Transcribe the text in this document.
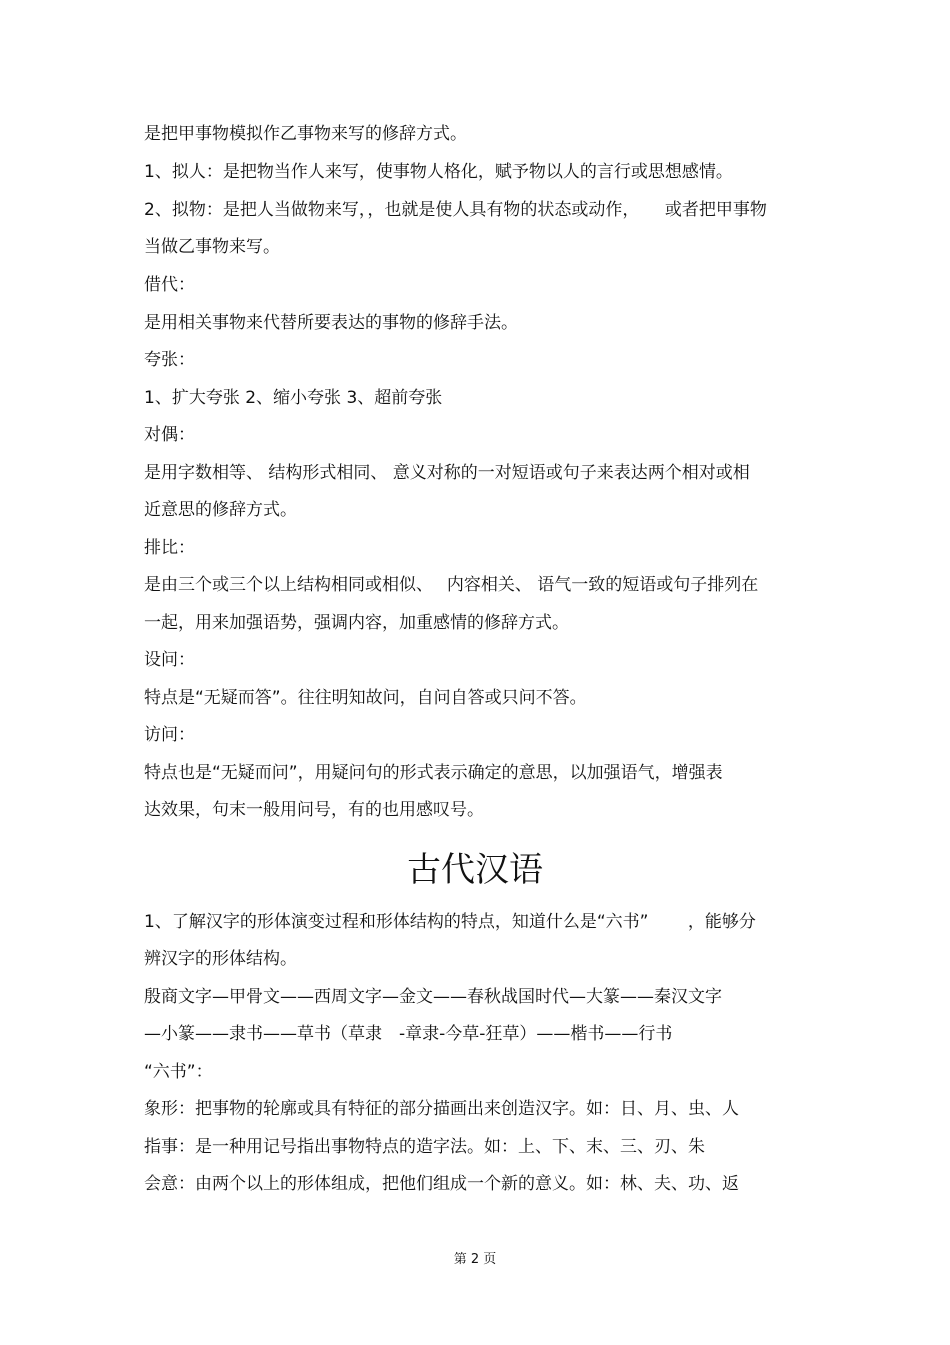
是把甲事物模拟作乙事物来写的修辞方式。
1、拟人：是把物当作人来写，使事物人格化，赋予物以人的言行或思想感情。
2、拟物：是把人当做物来写，，也就是使人具有物的状态或动作，　　或者把甲事物
当做乙事物来写。
借代：
是用相关事物来代替所要表达的事物的修辞手法。
夸张：
1、扩大夸张 2、缩小夸张 3、超前夸张
对偶：
是用字数相等、 结构形式相同、 意义对称的一对短语或句子来表达两个相对或相
近意思的修辞方式。
排比：
是由三个或三个以上结构相同或相似、　 内容相关、 语气一致的短语或句子排列在
一起，用来加强语势，强调内容，加重感情的修辞方式。
设问：
特点是“无疑而答”。往往明知故问，自问自答或只问不答。
访问：
特点也是“无疑而问”，用疑问句的形式表示确定的意思，以加强语气，增强表
达效果，句末一般用问号，有的也用感叹号。
古代汉语
1、了解汉字的形体演变过程和形体结构的特点，知道什么是“六书”　　 ，能够分
辨汉字的形体结构。
殷商文字—甲骨文——西周文字—金文——春秋战国时代—大篆——秦汉文字
—小篆——隶书——草书（草隶　-章隶-今草-狂草）——楷书——行书
“六书”：
象形：把事物的轮廓或具有特征的部分描画出来创造汉字。如：日、月、虫、人
指事：是一种用记号指出事物特点的造字法。如：上、下、末、三、刃、朱
会意：由两个以上的形体组成，把他们组成一个新的意义。如：林、夫、功、返
第 2 页
